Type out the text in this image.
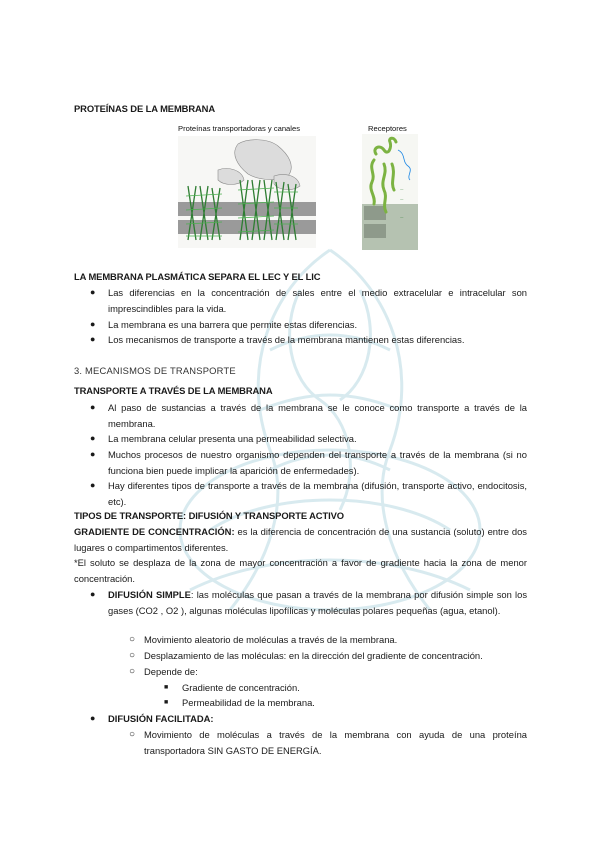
PROTEÍNAS DE LA MEMBRANA
Proteínas transportadoras y canales	Receptores
—
—
—
LA MEMBRANA PLASMÁTICA SEPARA EL LEC Y EL LIC
● Las diferencias en la concentración de sales entre el medio extracelular e intracelular son imprescindibles para la vida.
● La membrana es una barrera que permite estas diferencias.
● Los mecanismos de transporte a través de la membrana mantienen estas diferencias.
3. MECANISMOS DE TRANSPORTE
TRANSPORTE A TRAVÉS DE LA MEMBRANA
● Al paso de sustancias a través de la membrana se le conoce como transporte a través de la membrana.
● La membrana celular presenta una permeabilidad selectiva.
● Muchos procesos de nuestro organismo dependen del transporte a través de la membrana (si no funciona bien puede implicar la aparición de enfermedades).
● Hay diferentes tipos de transporte a través de la membrana (difusión, transporte activo, endocitosis, etc).
TIPOS DE TRANSPORTE: DIFUSIÓN Y TRANSPORTE ACTIVO
GRADIENTE DE CONCENTRACIÓN: es la diferencia de concentración de una sustancia (soluto) entre dos lugares o compartimentos diferentes.
*El soluto se desplaza de la zona de mayor concentración a favor de gradiente hacia la zona de menor concentración.
● DIFUSIÓN SIMPLE: las moléculas que pasan a través de la membrana por difusión simple son los gases (CO2 , O2 ), algunas moléculas lipofílicas y moléculas polares pequeñas (agua, etanol).
○ Movimiento aleatorio de moléculas a través de la membrana.
○ Desplazamiento de las moléculas: en la dirección del gradiente de concentración.
○ Depende de:
■ Gradiente de concentración.
■ Permeabilidad de la membrana.
● DIFUSIÓN FACILITADA:
○ Movimiento de moléculas a través de la membrana con ayuda de una proteína transportadora SIN GASTO DE ENERGÍA.
